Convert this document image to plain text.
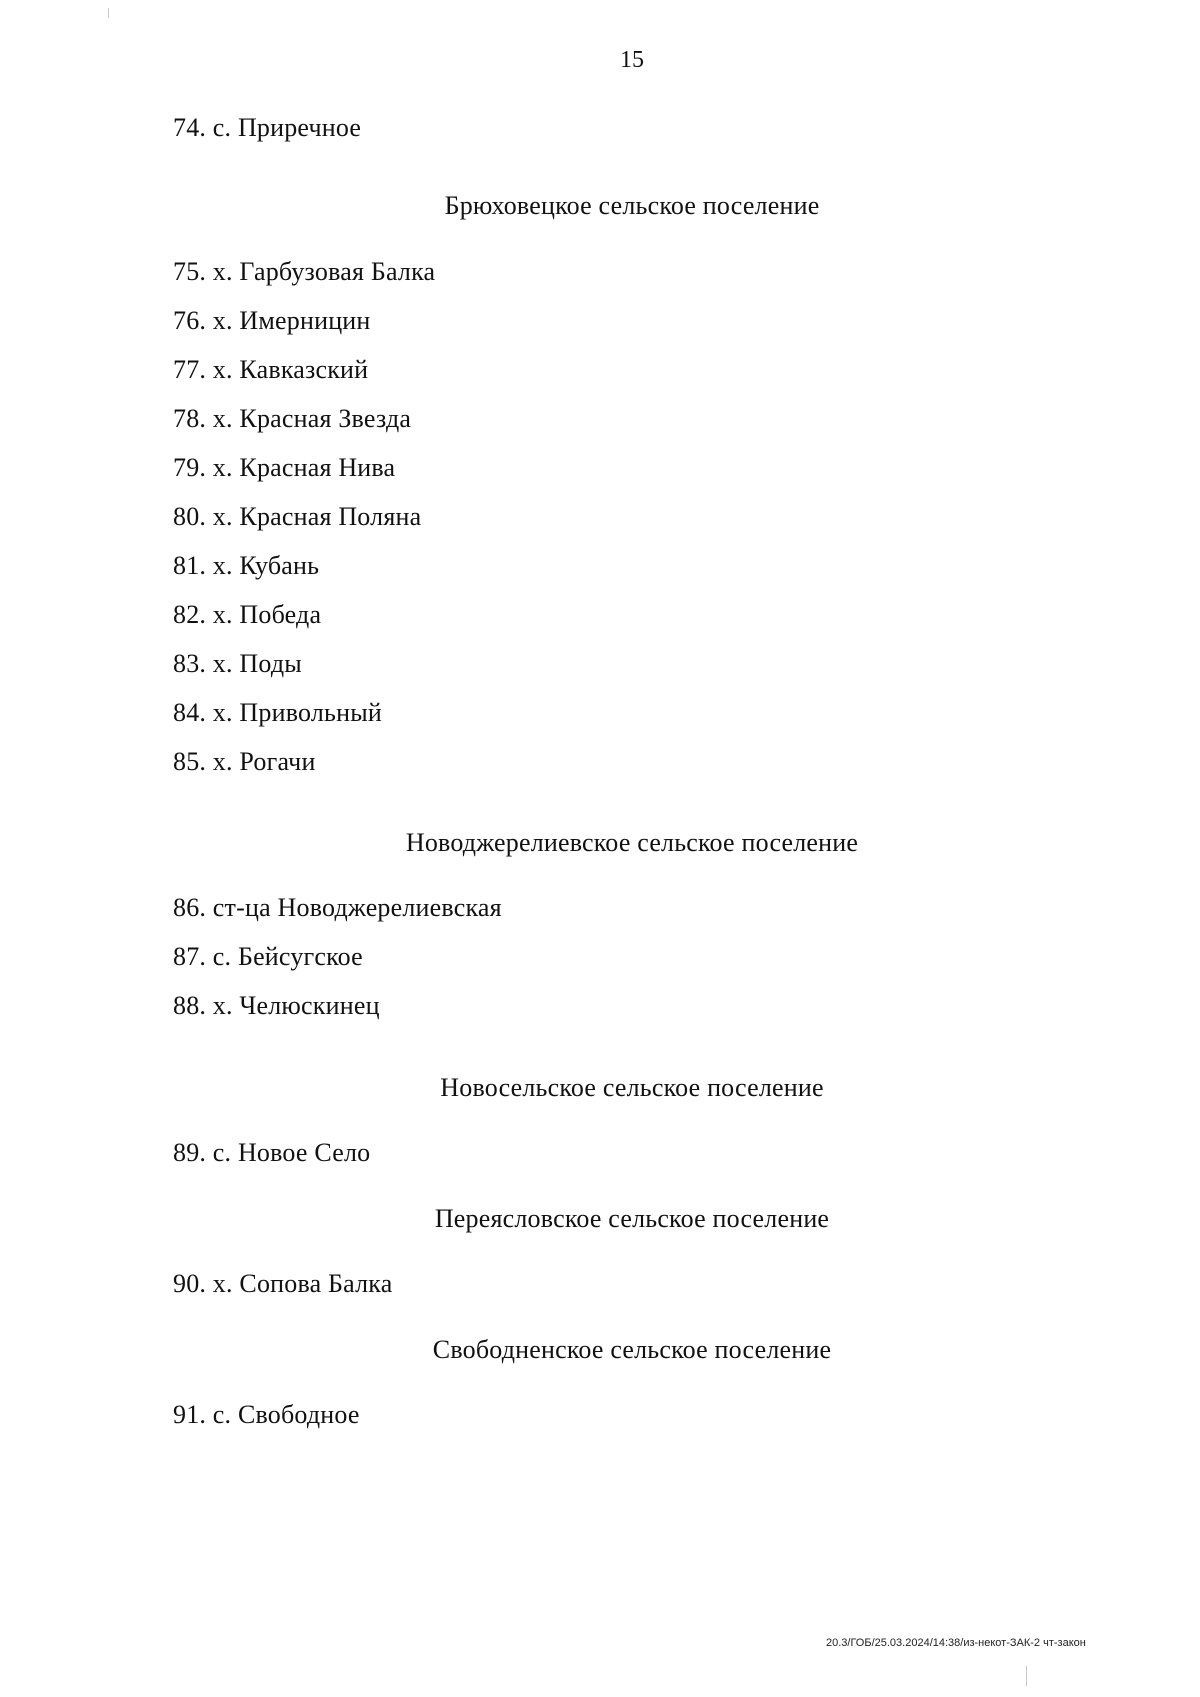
15
74. с. Приречное
Брюховецкое сельское поселение
75. х. Гарбузовая Балка
76. х. Имерницин
77. х. Кавказский
78. х. Красная Звезда
79. х. Красная Нива
80. х. Красная Поляна
81. х. Кубань
82. х. Победа
83. х. Поды
84. х. Привольный
85. х. Рогачи
Новоджерелиевское сельское поселение
86. ст-ца Новоджерелиевская
87. с. Бейсугское
88. х. Челюскинец
Новосельское сельское поселение
89. с. Новое Село
Переясловское сельское поселение
90. х. Сопова Балка
Свободненское сельское поселение
91. с. Свободное
20.3/ГОБ/25.03.2024/14:38/из-некот-ЗАК-2 чт-закон
